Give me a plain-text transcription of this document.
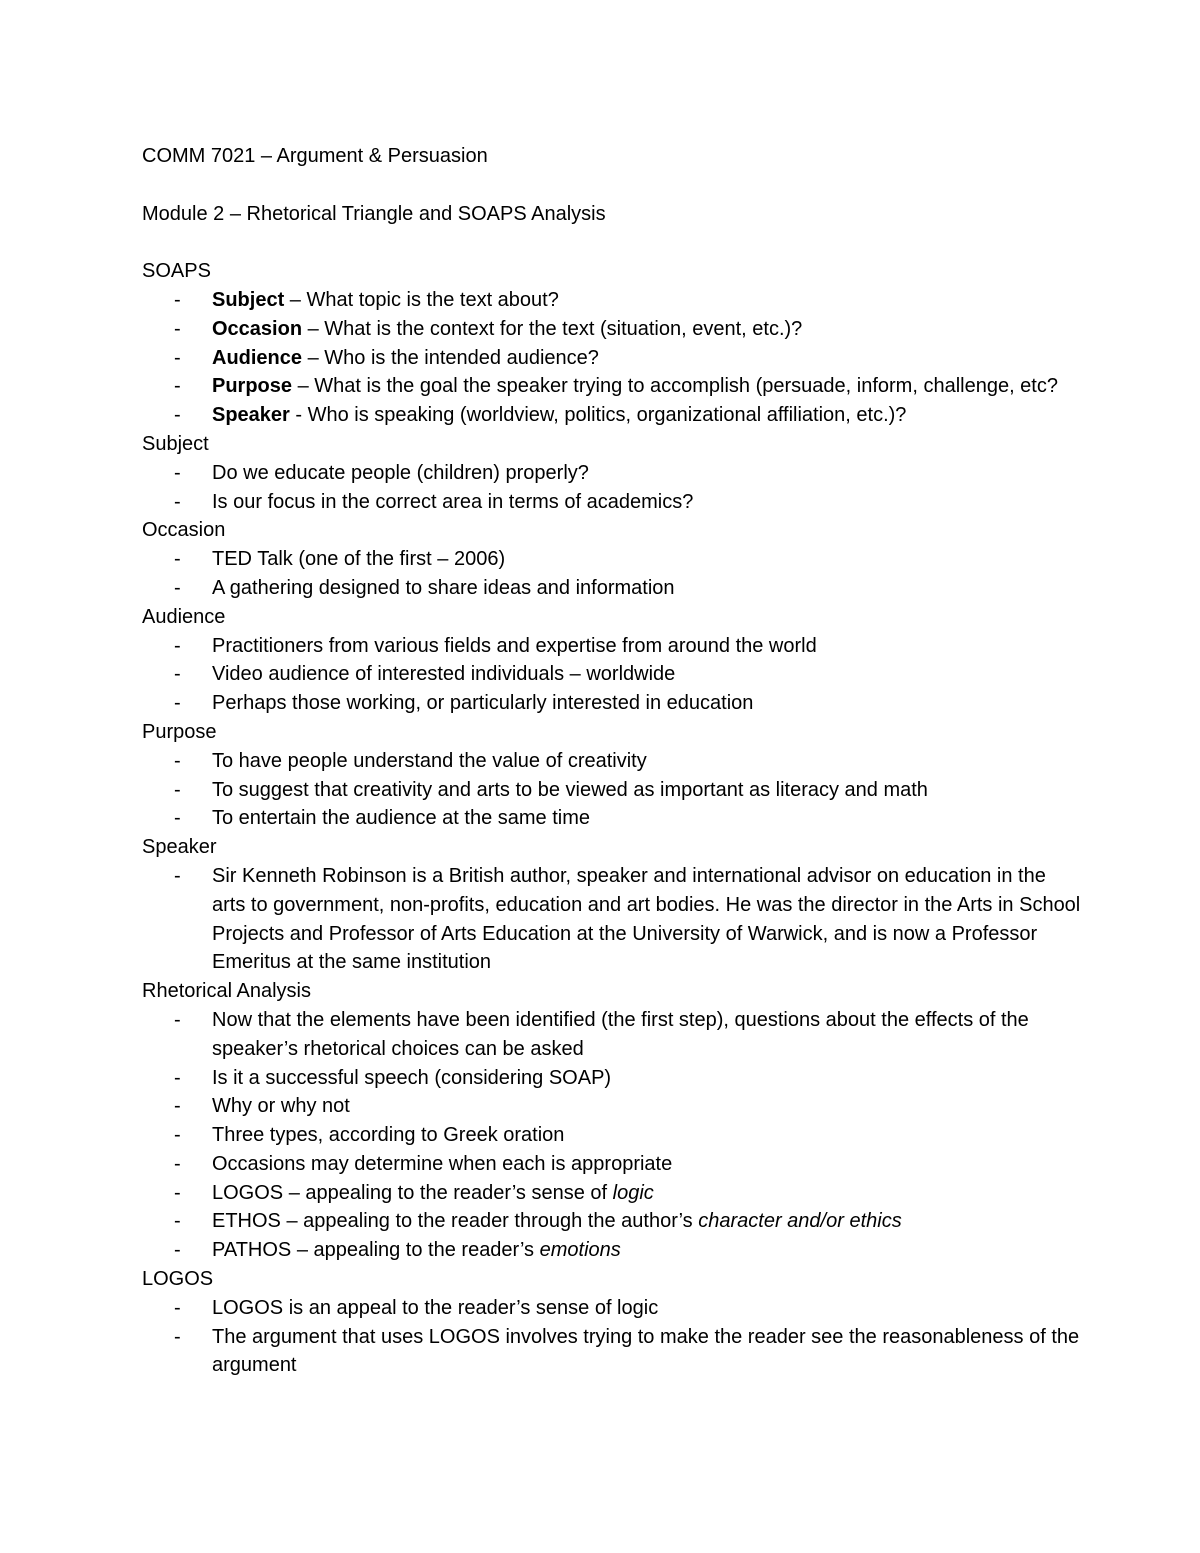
COMM 7021 – Argument & Persuasion

Module 2 – Rhetorical Triangle and SOAPS Analysis

SOAPS

- Subject – What topic is the text about?
- Occasion – What is the context for the text (situation, event, etc.)?
- Audience – Who is the intended audience?
- Purpose – What is the goal the speaker trying to accomplish (persuade, inform, challenge, etc?
- Speaker - Who is speaking (worldview, politics, organizational affiliation, etc.)?

Subject

- Do we educate people (children) properly?
- Is our focus in the correct area in terms of academics?

Occasion

- TED Talk (one of the first – 2006)
- A gathering designed to share ideas and information

Audience

- Practitioners from various fields and expertise from around the world
- Video audience of interested individuals – worldwide
- Perhaps those working, or particularly interested in education

Purpose

- To have people understand the value of creativity
- To suggest that creativity and arts to be viewed as important as literacy and math
- To entertain the audience at the same time

Speaker

- Sir Kenneth Robinson is a British author, speaker and international advisor on education in the arts to government, non-profits, education and art bodies. He was the director in the Arts in School Projects and Professor of Arts Education at the University of Warwick, and is now a Professor Emeritus at the same institution

Rhetorical Analysis

- Now that the elements have been identified (the first step), questions about the effects of the speaker’s rhetorical choices can be asked
- Is it a successful speech (considering SOAP)
- Why or why not
- Three types, according to Greek oration
- Occasions may determine when each is appropriate
- LOGOS – appealing to the reader’s sense of logic
- ETHOS – appealing to the reader through the author’s character and/or ethics
- PATHOS – appealing to the reader’s emotions

LOGOS

- LOGOS is an appeal to the reader’s sense of logic
- The argument that uses LOGOS involves trying to make the reader see the reasonableness of the argument
